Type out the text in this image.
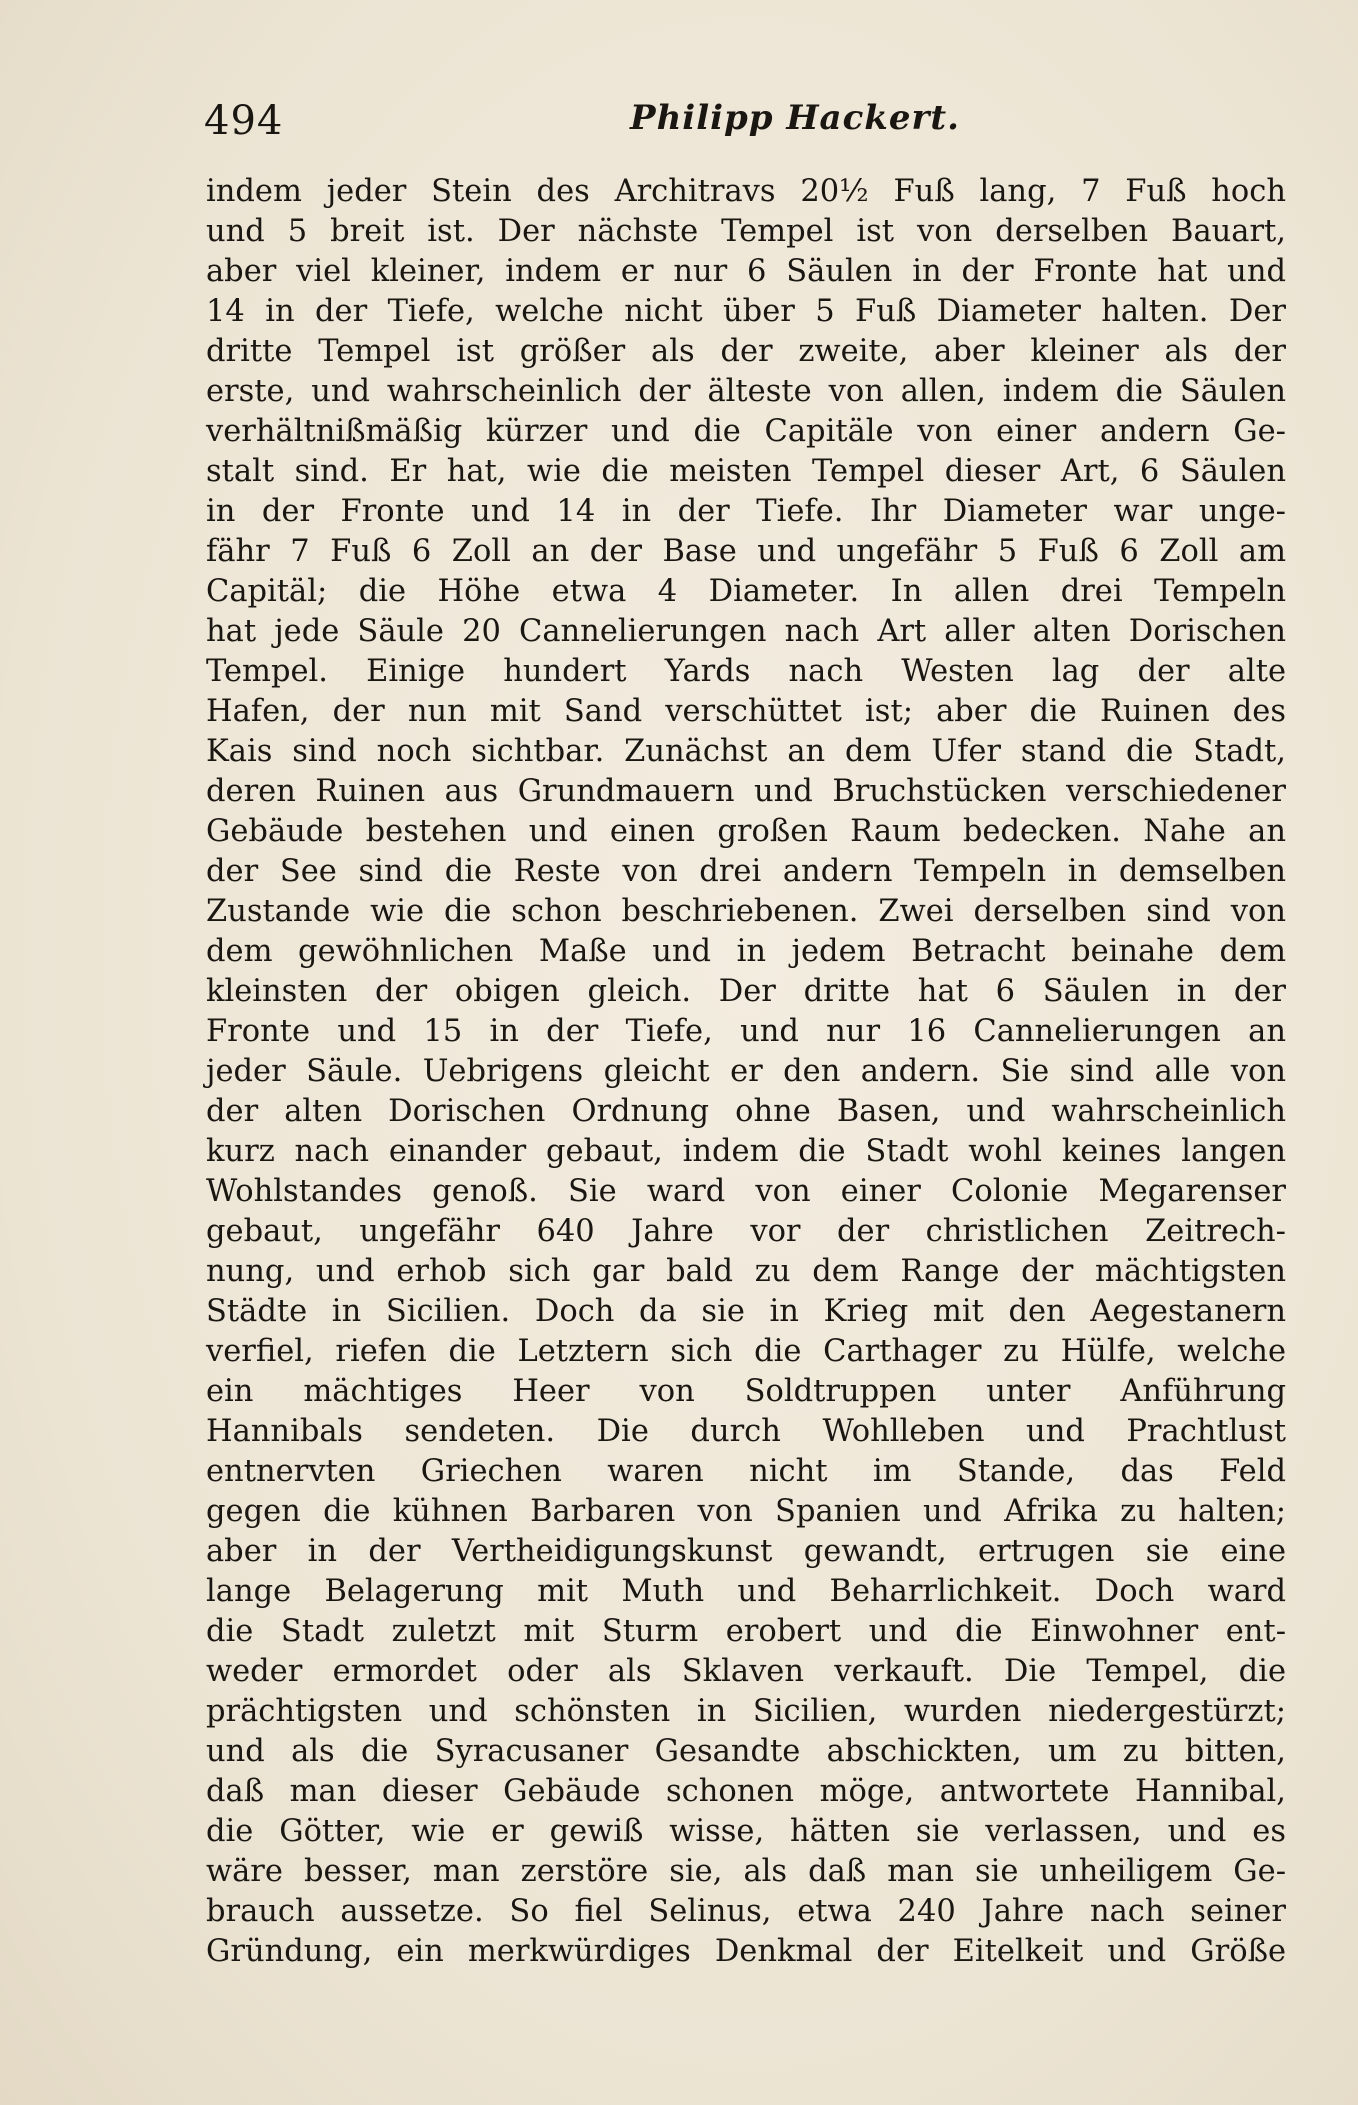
494	Philipp Hackert.
indem jeder Stein des Architravs 20½ Fuß lang, 7 Fuß hoch
und 5 breit ist. Der nächste Tempel ist von derselben Bauart,
aber viel kleiner, indem er nur 6 Säulen in der Fronte hat und
14 in der Tiefe, welche nicht über 5 Fuß Diameter halten. Der
dritte Tempel ist größer als der zweite, aber kleiner als der
erste, und wahrscheinlich der älteste von allen, indem die Säulen
verhältnißmäßig kürzer und die Capitäle von einer andern Ge-
stalt sind. Er hat, wie die meisten Tempel dieser Art, 6 Säulen
in der Fronte und 14 in der Tiefe. Ihr Diameter war unge-
fähr 7 Fuß 6 Zoll an der Base und ungefähr 5 Fuß 6 Zoll am
Capitäl; die Höhe etwa 4 Diameter. In allen drei Tempeln
hat jede Säule 20 Cannelierungen nach Art aller alten Dorischen
Tempel. Einige hundert Yards nach Westen lag der alte
Hafen, der nun mit Sand verschüttet ist; aber die Ruinen des
Kais sind noch sichtbar. Zunächst an dem Ufer stand die Stadt,
deren Ruinen aus Grundmauern und Bruchstücken verschiedener
Gebäude bestehen und einen großen Raum bedecken. Nahe an
der See sind die Reste von drei andern Tempeln in demselben
Zustande wie die schon beschriebenen. Zwei derselben sind von
dem gewöhnlichen Maße und in jedem Betracht beinahe dem
kleinsten der obigen gleich. Der dritte hat 6 Säulen in der
Fronte und 15 in der Tiefe, und nur 16 Cannelierungen an
jeder Säule. Uebrigens gleicht er den andern. Sie sind alle von
der alten Dorischen Ordnung ohne Basen, und wahrscheinlich
kurz nach einander gebaut, indem die Stadt wohl keines langen
Wohlstandes genoß. Sie ward von einer Colonie Megarenser
gebaut, ungefähr 640 Jahre vor der christlichen Zeitrech-
nung, und erhob sich gar bald zu dem Range der mächtigsten
Städte in Sicilien. Doch da sie in Krieg mit den Aegestanern
verfiel, riefen die Letztern sich die Carthager zu Hülfe, welche
ein mächtiges Heer von Soldtruppen unter Anführung
Hannibals sendeten. Die durch Wohlleben und Prachtlust
entnervten Griechen waren nicht im Stande, das Feld
gegen die kühnen Barbaren von Spanien und Afrika zu halten;
aber in der Vertheidigungskunst gewandt, ertrugen sie eine
lange Belagerung mit Muth und Beharrlichkeit. Doch ward
die Stadt zuletzt mit Sturm erobert und die Einwohner ent-
weder ermordet oder als Sklaven verkauft. Die Tempel, die
prächtigsten und schönsten in Sicilien, wurden niedergestürzt;
und als die Syracusaner Gesandte abschickten, um zu bitten,
daß man dieser Gebäude schonen möge, antwortete Hannibal,
die Götter, wie er gewiß wisse, hätten sie verlassen, und es
wäre besser, man zerstöre sie, als daß man sie unheiligem Ge-
brauch aussetze. So fiel Selinus, etwa 240 Jahre nach seiner
Gründung, ein merkwürdiges Denkmal der Eitelkeit und Größe
